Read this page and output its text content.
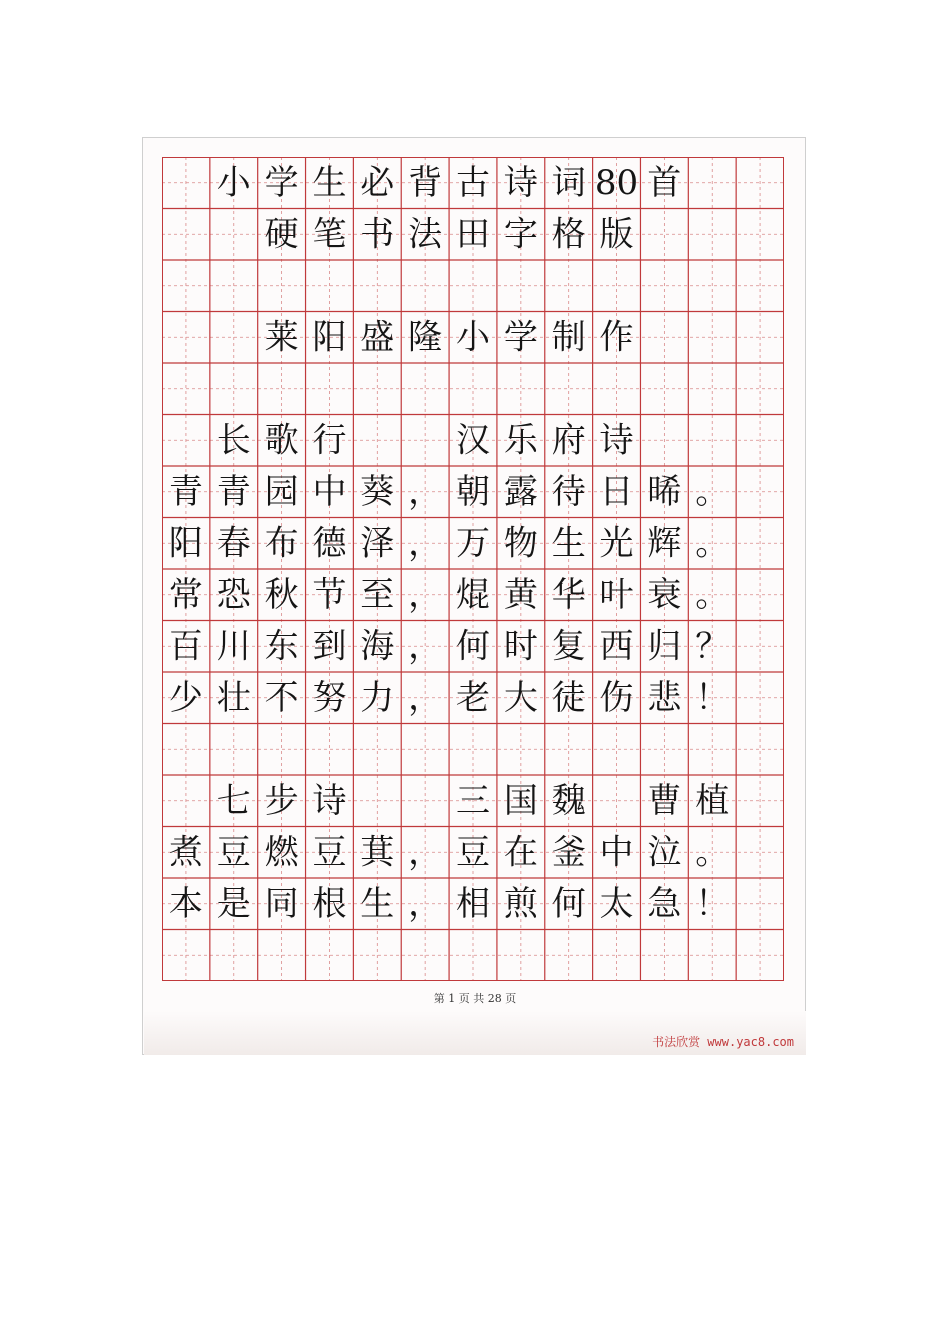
书法欣赏 www.yac8.com
小 学 生 必 背 古 诗 词 80 首
硬 笔 书 法 田 字 格 版
莱 阳 盛 隆 小 学 制 作
长 歌 行	汉 乐 府 诗
青 青 园 中 葵 ， 朝 露 待 日 晞 。
阳 春 布 德 泽 ， 万 物 生 光 辉 。
常 恐 秋 节 至 ， 焜 黄 华 叶 衰 。
百 川 东 到 海 ， 何 时 复 西 归 ？
少 壮 不 努 力 ， 老 大 徒 伤 悲 ！
七 步 诗	三 国 魏 曹 植
煮 豆 燃 豆 萁 ， 豆 在 釜 中 泣 。
本 是 同 根 生 ， 相 煎 何 太 急 ！
第 1 页 共 28 页
